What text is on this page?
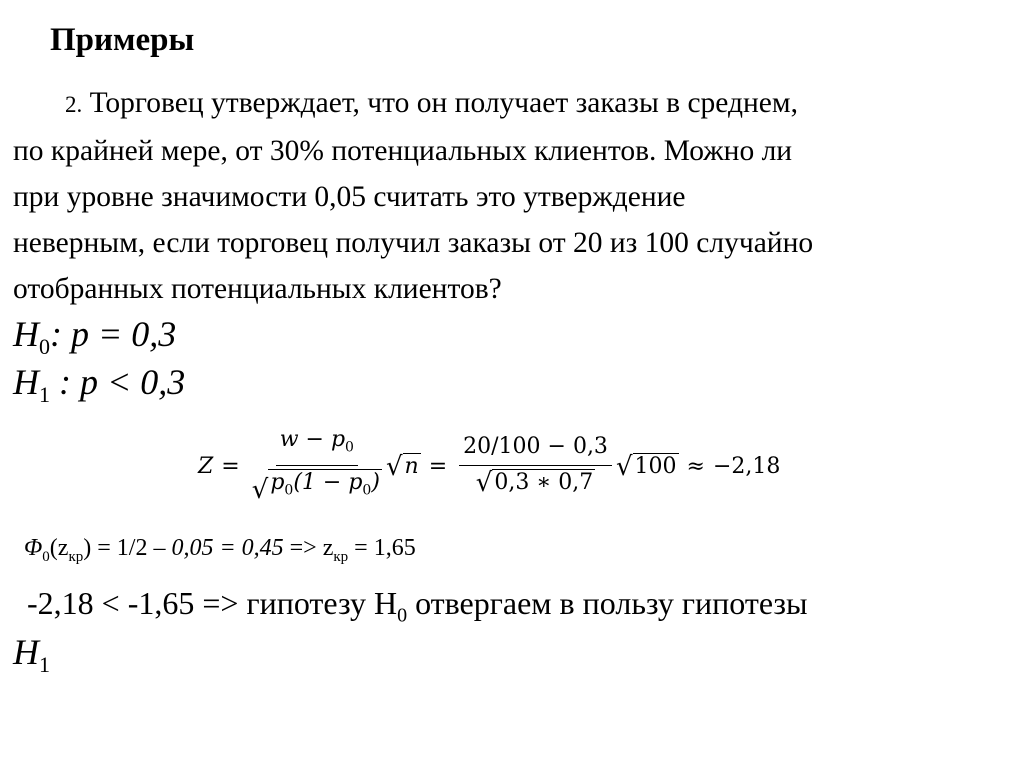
Примеры
2. Торговец утверждает, что он получает заказы в среднем,
по крайней мере, от 30% потенциальных клиентов. Можно ли
при уровне значимости 0,05 считать это утверждение
неверным, если торговец получил заказы от 20 из 100 случайно
отобранных потенциальных клиентов?
$H_0$: p = 0,3
$H_1$ : p < 0,3
$Z = \frac{w - p_0}{√ p_0(1 - p_0)}$ √ $n = \frac{20/100 - 0,3}{√ 0,3 ∗ 0,7}$ √ 100 ≈ −2,18
$\Phi_0(z_{кр}) = 1/2 - 0,05 = 0,45 => z_{кр} = 1,65$
-2,18 < -1,65 => гипотезу $H_0$ отвергаем в пользу гипотезы
$H_1$
